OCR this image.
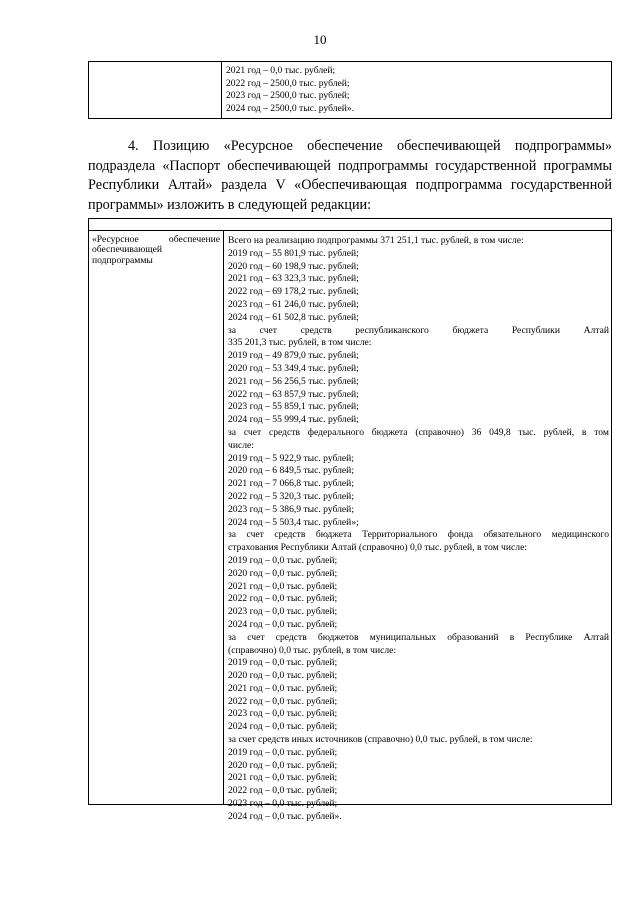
10
2021 год – 0,0 тыс. рублей;
2022 год – 2500,0 тыс. рублей;
2023 год – 2500,0 тыс. рублей;
2024 год – 2500,0 тыс. рублей».
4. Позицию «Ресурсное обеспечение обеспечивающей подпрограммы» подраздела «Паспорт обеспечивающей подпрограммы государственной программы Республики Алтай» раздела V «Обеспечивающая подпрограмма государственной программы» изложить в следующей редакции:
«Ресурсное обеспечение
обеспечивающей
подпрограммы
Всего на реализацию подпрограммы 371 251,1 тыс. рублей, в том числе:
2019 год – 55 801,9 тыс. рублей;
2020 год – 60 198,9 тыс. рублей;
2021 год – 63 323,3 тыс. рублей;
2022 год – 69 178,2 тыс. рублей;
2023 год – 61 246,0 тыс. рублей;
2024 год – 61 502,8 тыс. рублей;
за счет средств республиканского бюджета Республики Алтай
335 201,3 тыс. рублей, в том числе:
2019 год – 49 879,0 тыс. рублей;
2020 год – 53 349,4 тыс. рублей;
2021 год – 56 256,5 тыс. рублей;
2022 год – 63 857,9 тыс. рублей;
2023 год – 55 859,1 тыс. рублей;
2024 год – 55 999,4 тыс. рублей;
за счет средств федерального бюджета (справочно) 36 049,8 тыс. рублей, в том
числе:
2019 год – 5 922,9 тыс. рублей;
2020 год – 6 849,5 тыс. рублей;
2021 год – 7 066,8 тыс. рублей;
2022 год – 5 320,3 тыс. рублей;
2023 год – 5 386,9 тыс. рублей;
2024 год – 5 503,4 тыс. рублей»;
за счет средств бюджета Территориального фонда обязательного медицинского
страхования Республики Алтай (справочно) 0,0 тыс. рублей, в том числе:
2019 год – 0,0 тыс. рублей;
2020 год – 0,0 тыс. рублей;
2021 год – 0,0 тыс. рублей;
2022 год – 0,0 тыс. рублей;
2023 год – 0,0 тыс. рублей;
2024 год – 0,0 тыс. рублей;
за счет средств бюджетов муниципальных образований в Республике Алтай
(справочно) 0,0 тыс. рублей, в том числе:
2019 год – 0,0 тыс. рублей;
2020 год – 0,0 тыс. рублей;
2021 год – 0,0 тыс. рублей;
2022 год – 0,0 тыс. рублей;
2023 год – 0,0 тыс. рублей;
2024 год – 0,0 тыс. рублей;
за счет средств иных источников (справочно) 0,0 тыс. рублей, в том числе:
2019 год – 0,0 тыс. рублей;
2020 год – 0,0 тыс. рублей;
2021 год – 0,0 тыс. рублей;
2022 год – 0,0 тыс. рублей;
2023 год – 0,0 тыс. рублей;
2024 год – 0,0 тыс. рублей».
